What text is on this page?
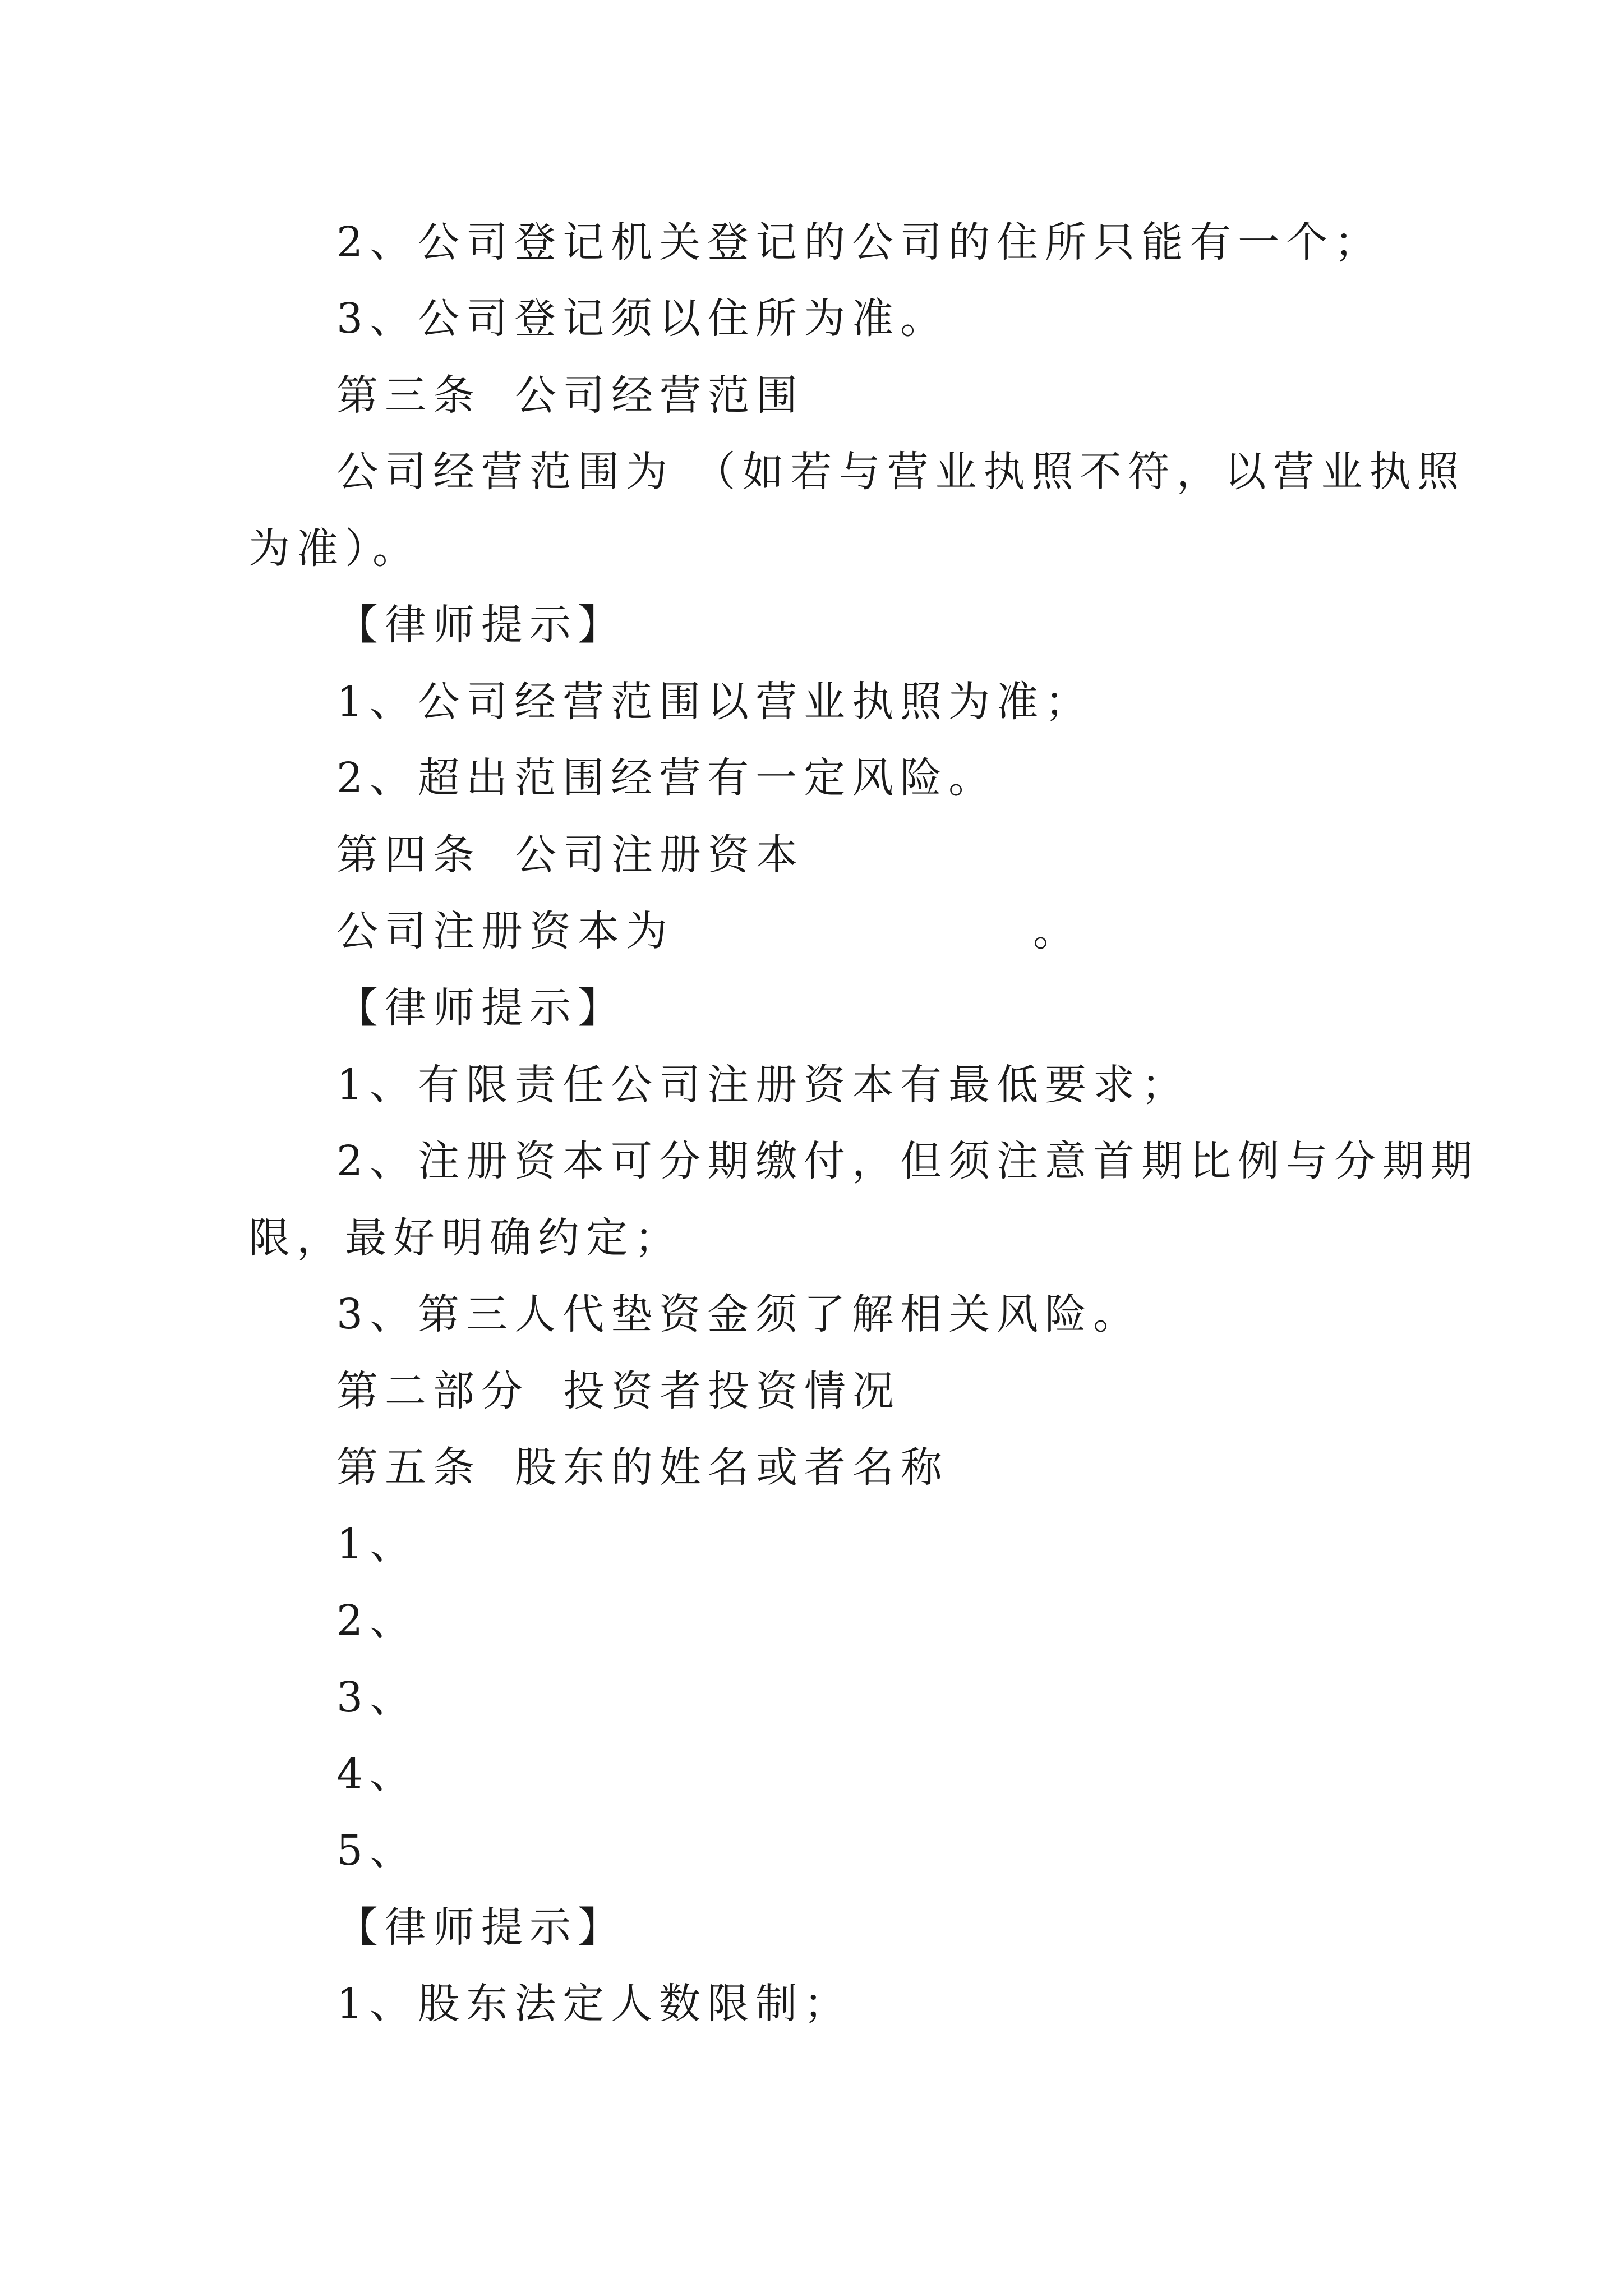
2、公司登记机关登记的公司的住所只能有一个；
3、公司登记须以住所为准。
第三条 公司经营范围
公司经营范围为 （如若与营业执照不符，以营业执照
为准）。
【律师提示】
1、公司经营范围以营业执照为准；
2、超出范围经营有一定风险。
第四条 公司注册资本
公司注册资本为	。
【律师提示】
1、有限责任公司注册资本有最低要求；
2、注册资本可分期缴付，但须注意首期比例与分期期
限，最好明确约定；
3、第三人代垫资金须了解相关风险。
第二部分 投资者投资情况
第五条 股东的姓名或者名称
1、
2、
3、
4、
5、
【律师提示】
1、股东法定人数限制；
